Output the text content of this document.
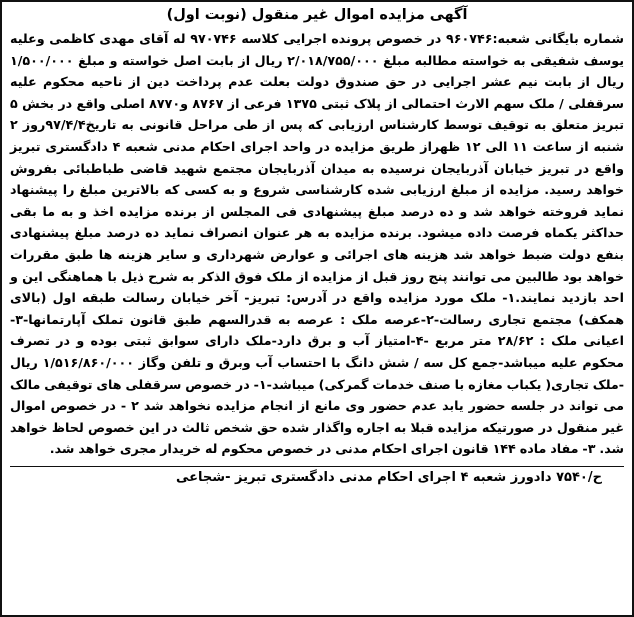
آگهی مزایده اموال غیر منقول (نوبت اول)

شماره بایگانی شعبه:۹۶۰۷۴۶ در خصوص پرونده اجرایی کلاسه ۹۷۰۷۴۶ له آقای مهدی کاظمی وعلیه یوسف شفیقی به خواسته مطالبه مبلغ ۲/۰۱۸/۷۵۵/۰۰۰ ریال از بابت اصل خواسته و مبلغ ۱/۵۰۰/۰۰۰ ریال از بابت نیم عشر اجرایی در حق صندوق دولت بعلت عدم پرداخت دین از ناحیه محکوم علیه سرقفلی / ملک سهم الارث احتمالی از پلاک ثبتی ۱۳۷۵ فرعی از ۸۷۶۷ و۸۷۷۰ اصلی واقع در بخش ۵ تبریز متعلق به توقیف توسط کارشناس ارزیابی که پس از طی مراحل قانونی به تاریخ۹۷/۴/۴روز ۲ شنبه از ساعت ۱۱ الی ۱۲ ظهراز طریق مزایده در واحد اجرای احکام مدنی شعبه ۴ دادگستری تبریز واقع در تبریز خیابان آذربایجان نرسیده به میدان آذربایجان مجتمع شهید قاضی طباطبائی بفروش خواهد رسید. مزایده از مبلغ ارزیابی شده کارشناسی شروع و به کسی که بالاترین مبلغ را پیشنهاد نماید فروخته خواهد شد و ده درصد مبلغ پیشنهادی فی المجلس از برنده مزایده اخذ و به ما بقی حداکثر یکماه فرصت داده میشود. برنده مزایده به هر عنوان انصراف نماید ده درصد مبلغ پیشنهادی بنفع دولت ضبط خواهد شد هزینه های اجرائی و عوارض شهرداری و سایر هزینه ها طبق مقررات خواهد بود طالبین می توانند پنج روز قبل از مزایده از ملک فوق الذکر به شرح ذیل با هماهنگی این و احد بازدید نمایند.۱- ملک مورد مزایده واقع در آدرس: تبریز- آخر خیابان رسالت طبقه اول (بالای همکف) مجتمع تجاری رسالت-۲-عرصه ملک : عرصه به قدرالسهم طبق قانون تملک آپارتمانها-۳- اعیانی ملک : ۲۸/۶۲ متر مربع -۴-امتیاز آب و برق دارد-ملک دارای سوابق ثبتی بوده و در تصرف محکوم علیه میباشد-جمع کل سه / شش دانگ با احتساب آب وبرق و تلفن وگاز ۱/۵۱۶/۸۶۰/۰۰۰ ریال -ملک تجاری( یکباب مغازه با صنف خدمات گمرکی) میباشد-۱- در خصوص سرقفلی های توقیفی مالک می تواند در جلسه حضور یابد عدم حضور وی مانع از انجام مزایده نخواهد شد ۲ - در خصوص اموال غیر منقول در صورتیکه مزایده قبلا به اجاره واگذار شده حق شخص ثالث در این خصوص لحاظ خواهد شد. ۳- مفاد ماده ۱۴۴ قانون اجرای احکام مدنی در خصوص محکوم له خریدار مجری خواهد شد.

ح/۷۵۴۰ دادورز شعبه ۴ اجرای احکام مدنی دادگستری تبریز -شجاعی
